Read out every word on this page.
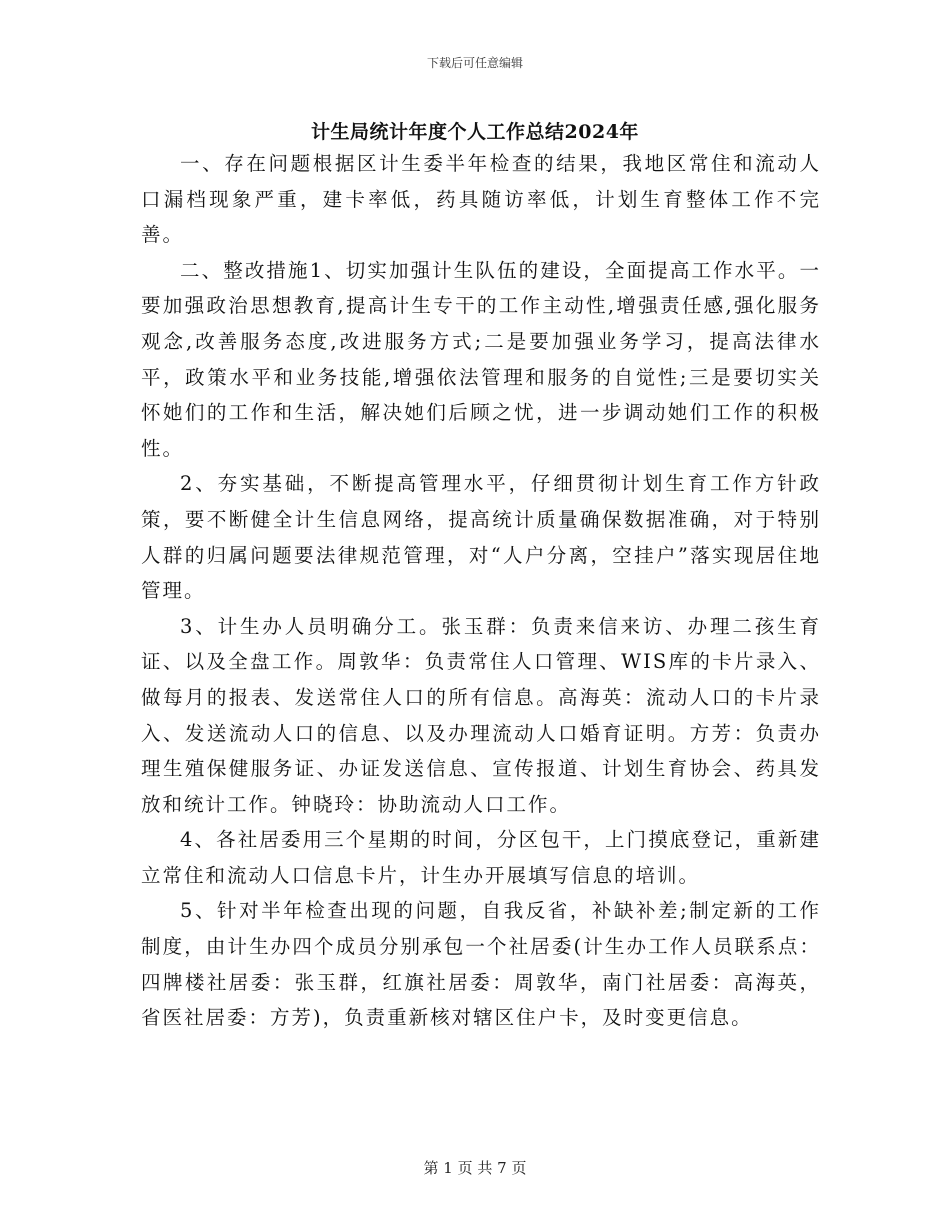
下载后可任意编辑
计生局统计年度个人工作总结2024年

一、存在问题根据区计生委半年检查的结果，我地区常住和流动人口漏档现象严重，建卡率低，药具随访率低，计划生育整体工作不完善。

二、整改措施1、切实加强计生队伍的建设，全面提高工作水平。一要加强政治思想教育,提高计生专干的工作主动性,增强责任感,强化服务观念,改善服务态度,改进服务方式;二是要加强业务学习，提高法律水平，政策水平和业务技能,增强依法管理和服务的自觉性;三是要切实关怀她们的工作和生活，解决她们后顾之忧，进一步调动她们工作的积极性。

2、夯实基础，不断提高管理水平，仔细贯彻计划生育工作方针政策，要不断健全计生信息网络，提高统计质量确保数据准确，对于特别人群的归属问题要法律规范管理，对“人户分离，空挂户”落实现居住地管理。

3、计生办人员明确分工。张玉群：负责来信来访、办理二孩生育证、以及全盘工作。周敦华：负责常住人口管理、WIS库的卡片录入、做每月的报表、发送常住人口的所有信息。高海英：流动人口的卡片录入、发送流动人口的信息、以及办理流动人口婚育证明。方芳：负责办理生殖保健服务证、办证发送信息、宣传报道、计划生育协会、药具发放和统计工作。钟晓玲：协助流动人口工作。

4、各社居委用三个星期的时间，分区包干，上门摸底登记，重新建立常住和流动人口信息卡片，计生办开展填写信息的培训。

5、针对半年检查出现的问题，自我反省，补缺补差;制定新的工作制度，由计生办四个成员分别承包一个社居委(计生办工作人员联系点：四牌楼社居委：张玉群，红旗社居委：周敦华，南门社居委：高海英，省医社居委：方芳)，负责重新核对辖区住户卡，及时变更信息。

第 1 页 共 7 页
